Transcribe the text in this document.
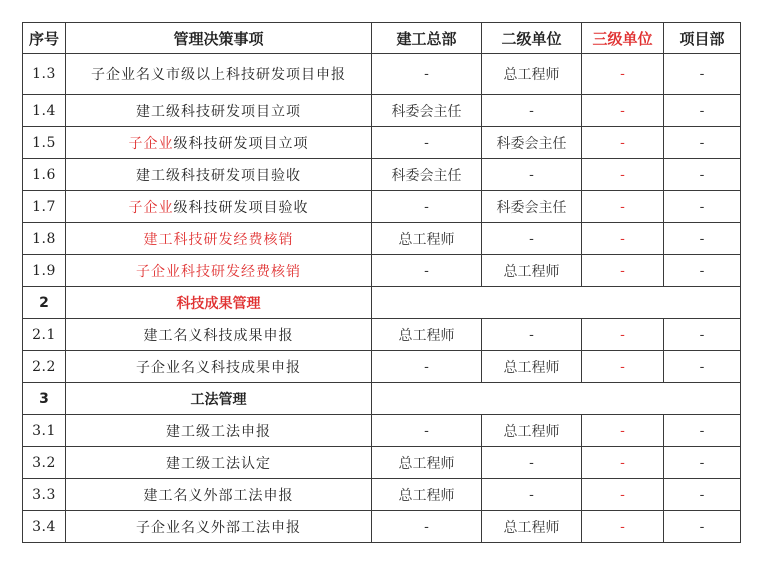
序号	管理决策事项	建工总部	二级单位	三级单位	项目部
1.3	子企业名义市级以上科技研发项目申报	-	总工程师	-	-
1.4	建工级科技研发项目立项	科委会主任	-	-	-
1.5	子企业级科技研发项目立项	-	科委会主任	-	-
1.6	建工级科技研发项目验收	科委会主任	-	-	-
1.7	子企业级科技研发项目验收	-	科委会主任	-	-
1.8	建工科技研发经费核销	总工程师	-	-	-
1.9	子企业科技研发经费核销	-	总工程师	-	-
2	科技成果管理				
2.1	建工名义科技成果申报	总工程师	-	-	-
2.2	子企业名义科技成果申报	-	总工程师	-	-
3	工法管理				
3.1	建工级工法申报	-	总工程师	-	-
3.2	建工级工法认定	总工程师	-	-	-
3.3	建工名义外部工法申报	总工程师	-	-	-
3.4	子企业名义外部工法申报	-	总工程师	-	-
